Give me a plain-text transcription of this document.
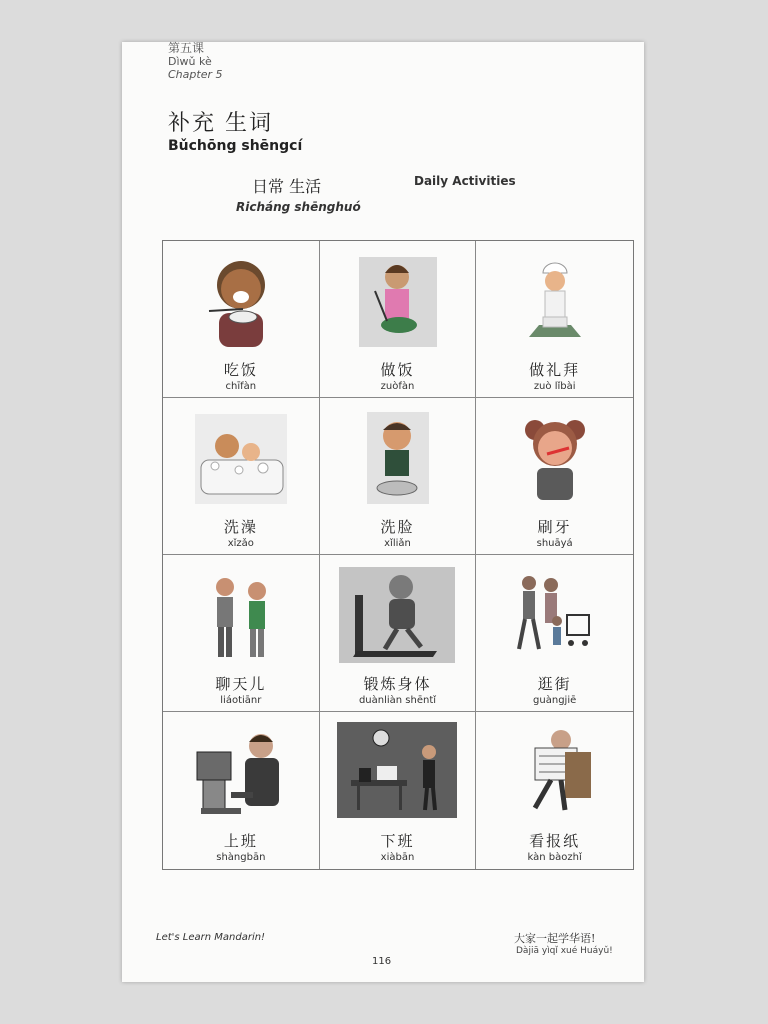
第五课
Dìwǔ kè
Chapter 5
补充 生词
Bǔchōng shēngcí
日常 生活
Richáng shēnghuó
Daily Activities
吃饭
chīfàn
做饭
zuòfàn
做礼拜
zuò lǐbài
洗澡
xǐzǎo
洗脸
xǐliǎn
刷牙
shuāyá
聊天儿
liáotiānr
锻炼身体
duànliàn shēntǐ
逛街
guàngjiē
上班
shàngbān
下班
xiàbān
看报纸
kàn bàozhǐ
Let's Learn Mandarin!	大家一起学华语!
Dàjiā yìqǐ xué Huáyǔ!
116
